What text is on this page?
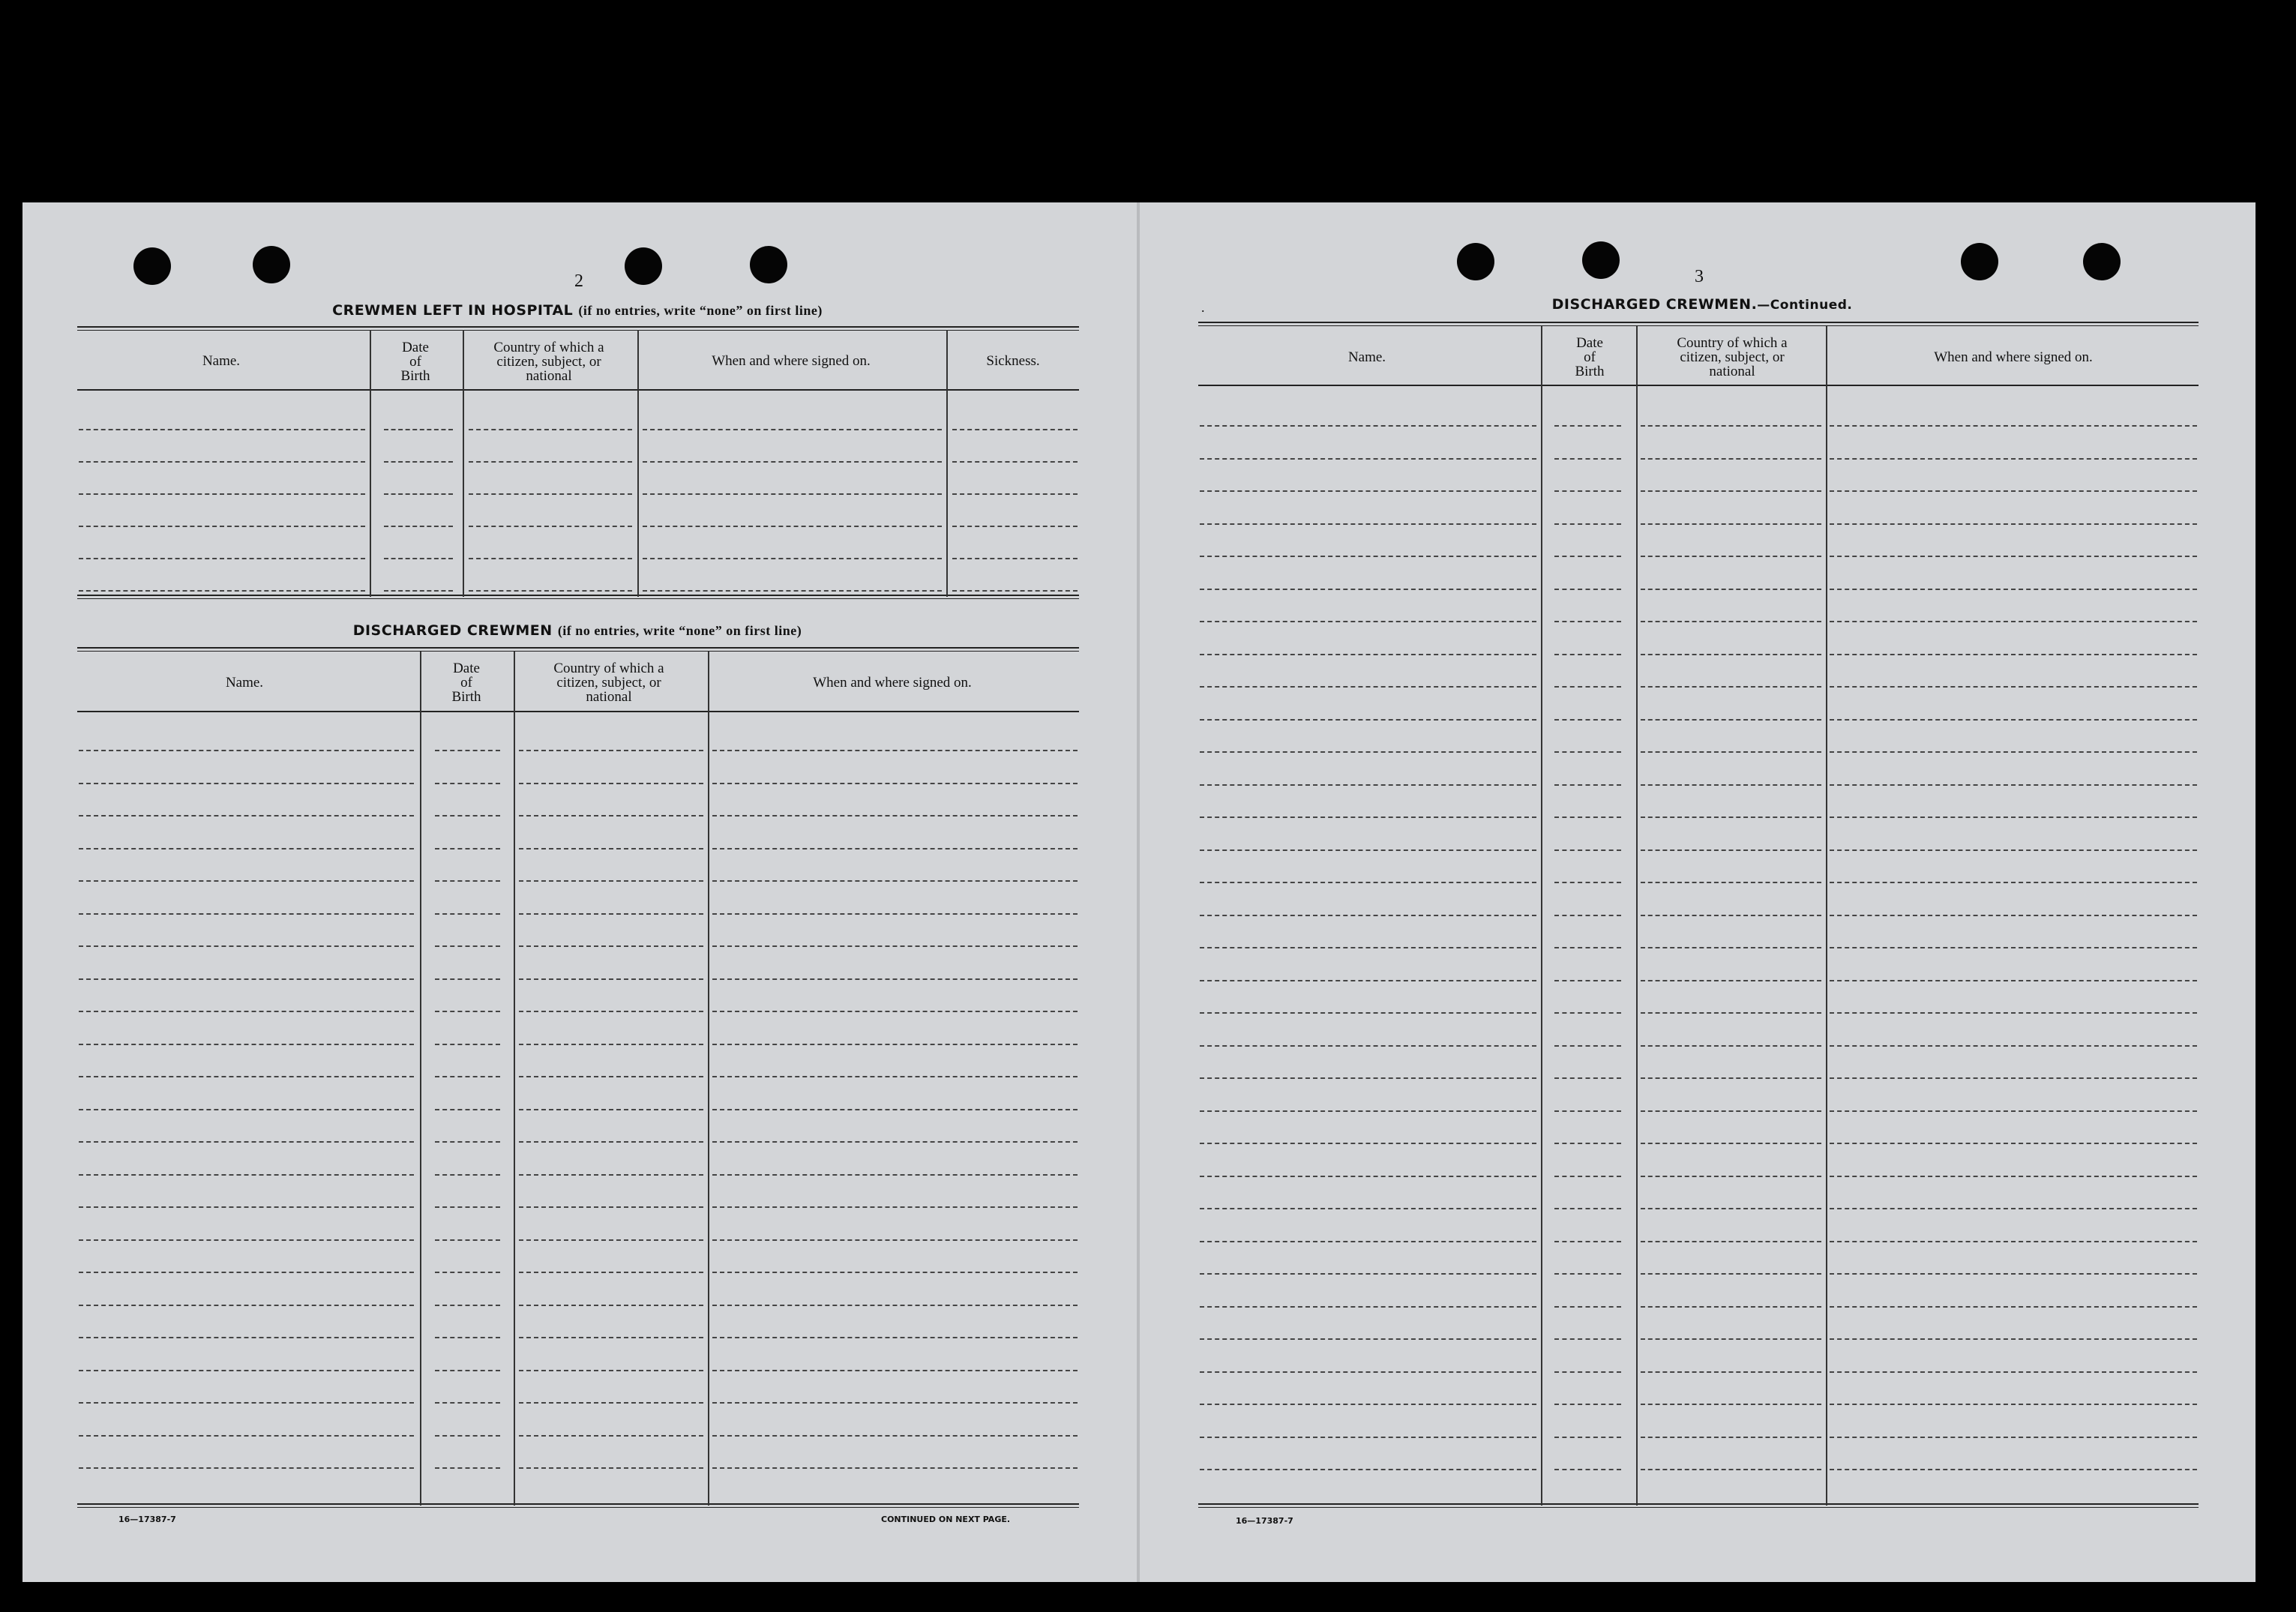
2
CREWMEN LEFT IN HOSPITAL (if no entries, write “none” on first line)
Name.
Date
of
Birth
Country of which a
citizen, subject, or
national
When and where signed on.	Sickness.
DISCHARGED CREWMEN (if no entries, write “none” on first line)
Name.
Date
of
Birth
Country of which a
citizen, subject, or
national
When and where signed on.
16—17387-7	CONTINUED ON NEXT PAGE.
3
DISCHARGED CREWMEN.—Continued.
.
Name.
Date
of
Birth
Country of which a
citizen, subject, or
national
When and where signed on.
16—17387-7
